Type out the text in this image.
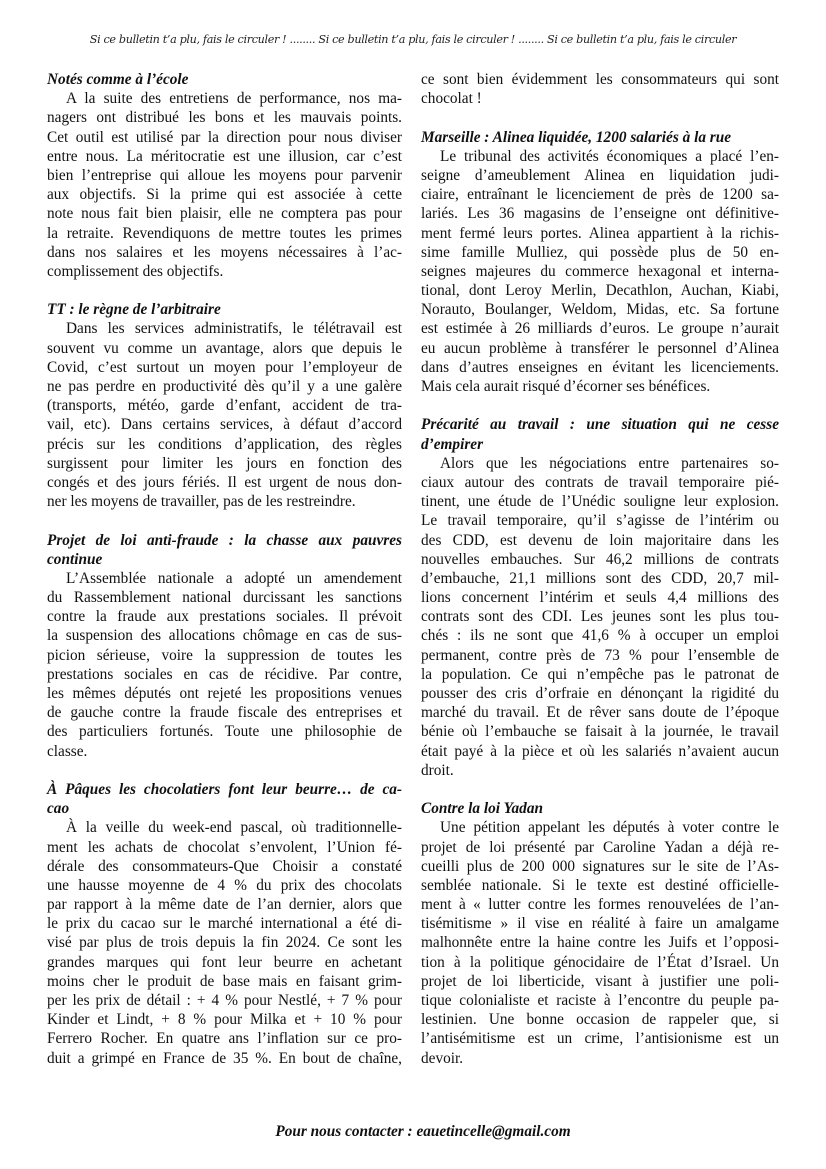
Si ce bulletin t’a plu, fais le circuler ! ........ Si ce bulletin t’a plu, fais le circuler ! ........ Si ce bulletin t’a plu, fais le circuler
Notés comme à l’école
A la suite des entretiens de performance, nos ma-
nagers ont distribué les bons et les mauvais points.
Cet outil est utilisé par la direction pour nous diviser
entre nous. La méritocratie est une illusion, car c’est
bien l’entreprise qui alloue les moyens pour parvenir
aux objectifs. Si la prime qui est associée à cette
note nous fait bien plaisir, elle ne comptera pas pour
la retraite. Revendiquons de mettre toutes les primes
dans nos salaires et les moyens nécessaires à l’ac-
complissement des objectifs.
TT : le règne de l’arbitraire
Dans les services administratifs, le télétravail est
souvent vu comme un avantage, alors que depuis le
Covid, c’est surtout un moyen pour l’employeur de
ne pas perdre en productivité dès qu’il y a une galère
(transports, météo, garde d’enfant, accident de tra-
vail, etc). Dans certains services, à défaut d’accord
précis sur les conditions d’application, des règles
surgissent pour limiter les jours en fonction des
congés et des jours fériés. Il est urgent de nous don-
ner les moyens de travailler, pas de les restreindre.
Projet de loi anti-fraude : la chasse aux pauvres
continue
L’Assemblée nationale a adopté un amendement
du Rassemblement national durcissant les sanctions
contre la fraude aux prestations sociales. Il prévoit
la suspension des allocations chômage en cas de sus-
picion sérieuse, voire la suppression de toutes les
prestations sociales en cas de récidive. Par contre,
les mêmes députés ont rejeté les propositions venues
de gauche contre la fraude fiscale des entreprises et
des particuliers fortunés. Toute une philosophie de
classe.
À Pâques les chocolatiers font leur beurre… de ca-
cao
À la veille du week-end pascal, où traditionnelle-
ment les achats de chocolat s’envolent, l’Union fé-
dérale des consommateurs-Que Choisir a constaté
une hausse moyenne de 4 % du prix des chocolats
par rapport à la même date de l’an dernier, alors que
le prix du cacao sur le marché international a été di-
visé par plus de trois depuis la fin 2024. Ce sont les
grandes marques qui font leur beurre en achetant
moins cher le produit de base mais en faisant grim-
per les prix de détail : + 4 % pour Nestlé, + 7 % pour
Kinder et Lindt, + 8 % pour Milka et + 10 % pour
Ferrero Rocher. En quatre ans l’inflation sur ce pro-
duit a grimpé en France de 35 %. En bout de chaîne,
ce sont bien évidemment les consommateurs qui sont
chocolat !
Marseille : Alinea liquidée, 1200 salariés à la rue
Le tribunal des activités économiques a placé l’en-
seigne d’ameublement Alinea en liquidation judi-
ciaire, entraînant le licenciement de près de 1200 sa-
lariés. Les 36 magasins de l’enseigne ont définitive-
ment fermé leurs portes. Alinea appartient à la richis-
sime famille Mulliez, qui possède plus de 50 en-
seignes majeures du commerce hexagonal et interna-
tional, dont Leroy Merlin, Decathlon, Auchan, Kiabi,
Norauto, Boulanger, Weldom, Midas, etc. Sa fortune
est estimée à 26 milliards d’euros. Le groupe n’aurait
eu aucun problème à transférer le personnel d’Alinea
dans d’autres enseignes en évitant les licenciements.
Mais cela aurait risqué d’écorner ses bénéfices.
Précarité au travail : une situation qui ne cesse
d’empirer
Alors que les négociations entre partenaires so-
ciaux autour des contrats de travail temporaire pié-
tinent, une étude de l’Unédic souligne leur explosion.
Le travail temporaire, qu’il s’agisse de l’intérim ou
des CDD, est devenu de loin majoritaire dans les
nouvelles embauches. Sur 46,2 millions de contrats
d’embauche, 21,1 millions sont des CDD, 20,7 mil-
lions concernent l’intérim et seuls 4,4 millions des
contrats sont des CDI. Les jeunes sont les plus tou-
chés : ils ne sont que 41,6 % à occuper un emploi
permanent, contre près de 73 % pour l’ensemble de
la population. Ce qui n’empêche pas le patronat de
pousser des cris d’orfraie en dénonçant la rigidité du
marché du travail. Et de rêver sans doute de l’époque
bénie où l’embauche se faisait à la journée, le travail
était payé à la pièce et où les salariés n’avaient aucun
droit.
Contre la loi Yadan
Une pétition appelant les députés à voter contre le
projet de loi présenté par Caroline Yadan a déjà re-
cueilli plus de 200 000 signatures sur le site de l’As-
semblée nationale. Si le texte est destiné officielle-
ment à « lutter contre les formes renouvelées de l’an-
tisémitisme » il vise en réalité à faire un amalgame
malhonnête entre la haine contre les Juifs et l’opposi-
tion à la politique génocidaire de l’État d’Israel. Un
projet de loi liberticide, visant à justifier une poli-
tique colonialiste et raciste à l’encontre du peuple pa-
lestinien. Une bonne occasion de rappeler que, si
l’antisémitisme est un crime, l’antisionisme est un
devoir.
Pour nous contacter : eauetincelle@gmail.com
